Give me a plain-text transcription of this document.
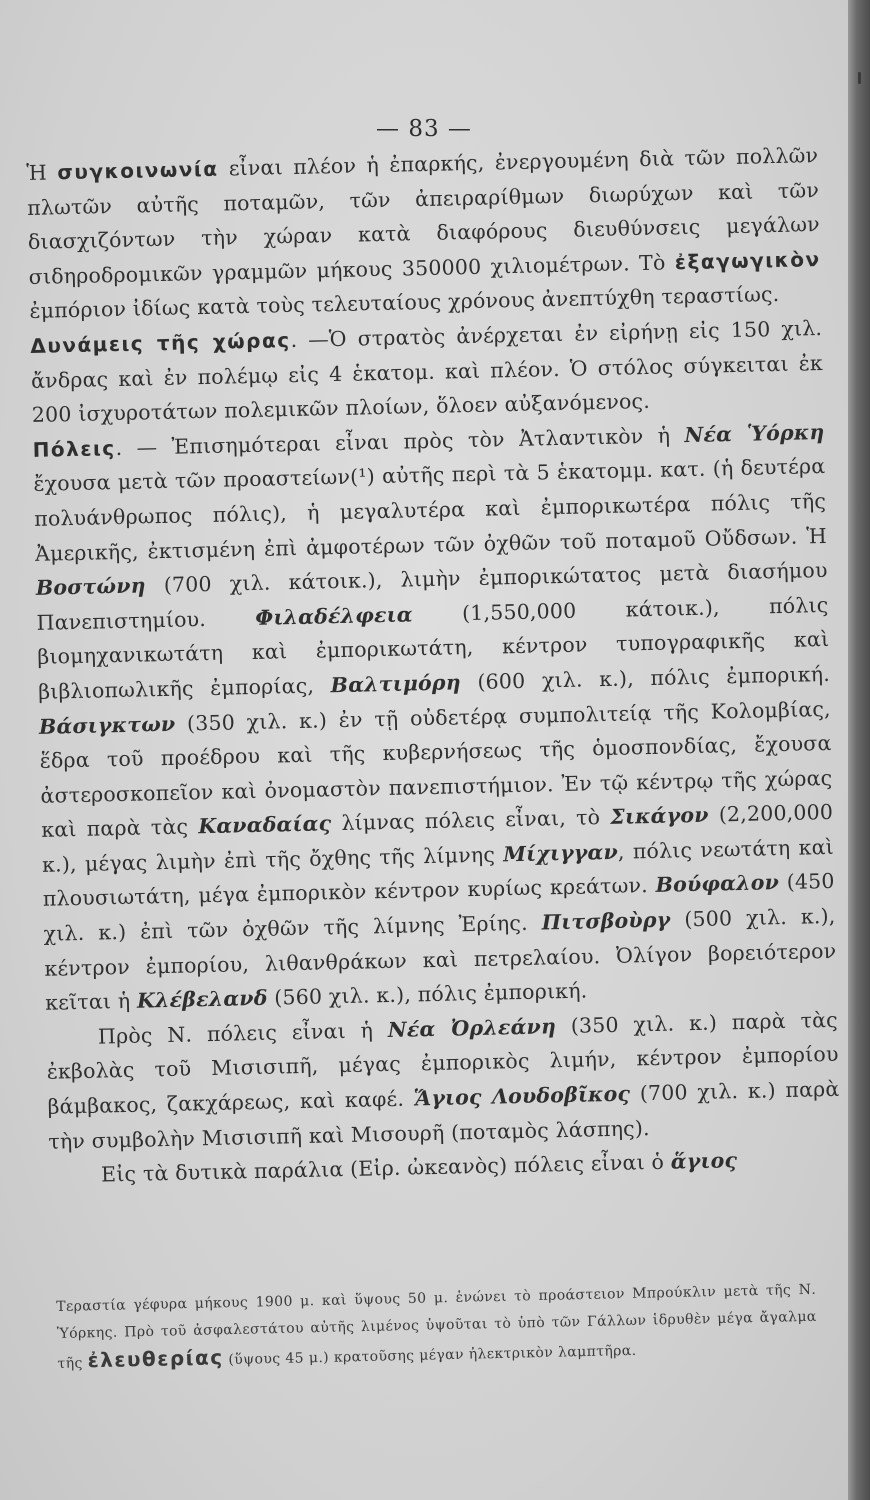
— 83 —

Ἡ συγκοινωνία εἶναι πλέον ἡ ἐπαρκής, ἐνεργουμένη διὰ τῶν πολλῶν πλωτῶν αὐτῆς ποταμῶν, τῶν ἀπειραρίθμων διωρύχων καὶ τῶν διασχιζόντων τὴν χώραν κατὰ διαφόρους διευθύνσεις μεγάλων σιδηροδρομικῶν γραμμῶν μήκους 350000 χιλιομέτρων. Τὸ ἐξαγωγικὸν ἐμπόριον ἰδίως κατὰ τοὺς τελευταίους χρόνους ἀνεπτύχθη τεραστίως.

Δυνάμεις τῆς χώρας. —Ὁ στρατὸς ἀνέρχεται ἐν εἰρήνῃ εἰς 150 χιλ. ἄνδρας καὶ ἐν πολέμῳ εἰς 4 ἑκατομ. καὶ πλέον. Ὁ στόλος σύγκειται ἐκ 200 ἰσχυροτάτων πολεμικῶν πλοίων, ὅλοεν αὐξανόμενος.

Πόλεις. — Ἐπισημότεραι εἶναι πρὸς τὸν Ἀτλαντικὸν ἡ Νέα Ὑόρκη ἔχουσα μετὰ τῶν προαστείων(¹) αὐτῆς περὶ τὰ 5 ἑκατομμ. κατ. (ἡ δευτέρα πολυάνθρωπος πόλις), ἡ μεγαλυτέρα καὶ ἐμπορικωτέρα πόλις τῆς Ἀμερικῆς, ἐκτισμένη ἐπὶ ἀμφοτέρων τῶν ὀχθῶν τοῦ ποταμοῦ Οὔδσων. Ἡ Βοστώνη (700 χιλ. κάτοικ.), λιμὴν ἐμπορικώτατος μετὰ διασήμου Πανεπιστημίου. Φιλαδέλφεια (1,550,000 κάτοικ.), πόλις βιομηχανικωτάτη καὶ ἐμπορικωτάτη, κέντρον τυπογραφικῆς καὶ βιβλιοπωλικῆς ἐμπορίας, Βαλτιμόρη (600 χιλ. κ.), πόλις ἐμπορική. Βάσιγκτων (350 χιλ. κ.) ἐν τῇ οὐδετέρᾳ συμπολιτείᾳ τῆς Κολομβίας, ἕδρα τοῦ προέδρου καὶ τῆς κυβερνήσεως τῆς ὁμοσπονδίας, ἔχουσα ἀστεροσκοπεῖον καὶ ὀνομαστὸν πανεπιστήμιον. Ἐν τῷ κέντρῳ τῆς χώρας καὶ παρὰ τὰς Καναδαίας λίμνας πόλεις εἶναι, τὸ Σικάγον (2,200,000 κ.), μέγας λιμὴν ἐπὶ τῆς ὄχθης τῆς λίμνης Μίχιγγαν, πόλις νεωτάτη καὶ πλουσιωτάτη, μέγα ἐμπορικὸν κέντρον κυρίως κρεάτων. Βούφαλον (450 χιλ. κ.) ἐπὶ τῶν ὀχθῶν τῆς λίμνης Ἐρίης. Πιτσβοὺργ (500 χιλ. κ.), κέντρον ἐμπορίου, λιθανθράκων καὶ πετρελαίου. Ὀλίγον βορειότερον κεῖται ἡ Κλέβελανδ (560 χιλ. κ.), πόλις ἐμπορική.

Πρὸς Ν. πόλεις εἶναι ἡ Νέα Ὀρλεάνη (350 χιλ. κ.) παρὰ τὰς ἐκβολὰς τοῦ Μισισιπῆ, μέγας ἐμπορικὸς λιμήν, κέντρον ἐμπορίου βάμβακος, ζακχάρεως, καὶ καφέ. Ἅγιος Λουδοβῖκος (700 χιλ. κ.) παρὰ τὴν συμβολὴν Μισισιπῆ καὶ Μισουρῆ (ποταμὸς λάσπης).

Εἰς τὰ δυτικὰ παράλια (Εἰρ. ὠκεανὸς) πόλεις εἶναι ὁ ἅγιος

Τεραστία γέφυρα μήκους 1900 μ. καὶ ὕψους 50 μ. ἑνώνει τὸ προάστειον Μπρούκλιν μετὰ τῆς Ν. Ὑόρκης. Πρὸ τοῦ ἀσφαλεστάτου αὐτῆς λιμένος ὑψοῦται τὸ ὑπὸ τῶν Γάλλων ἱδρυθὲν μέγα ἄγαλμα τῆς ἐλευθερίας (ὕψους 45 μ.) κρατοῦσης μέγαν ἠλεκτρικὸν λαμπτῆρα.
